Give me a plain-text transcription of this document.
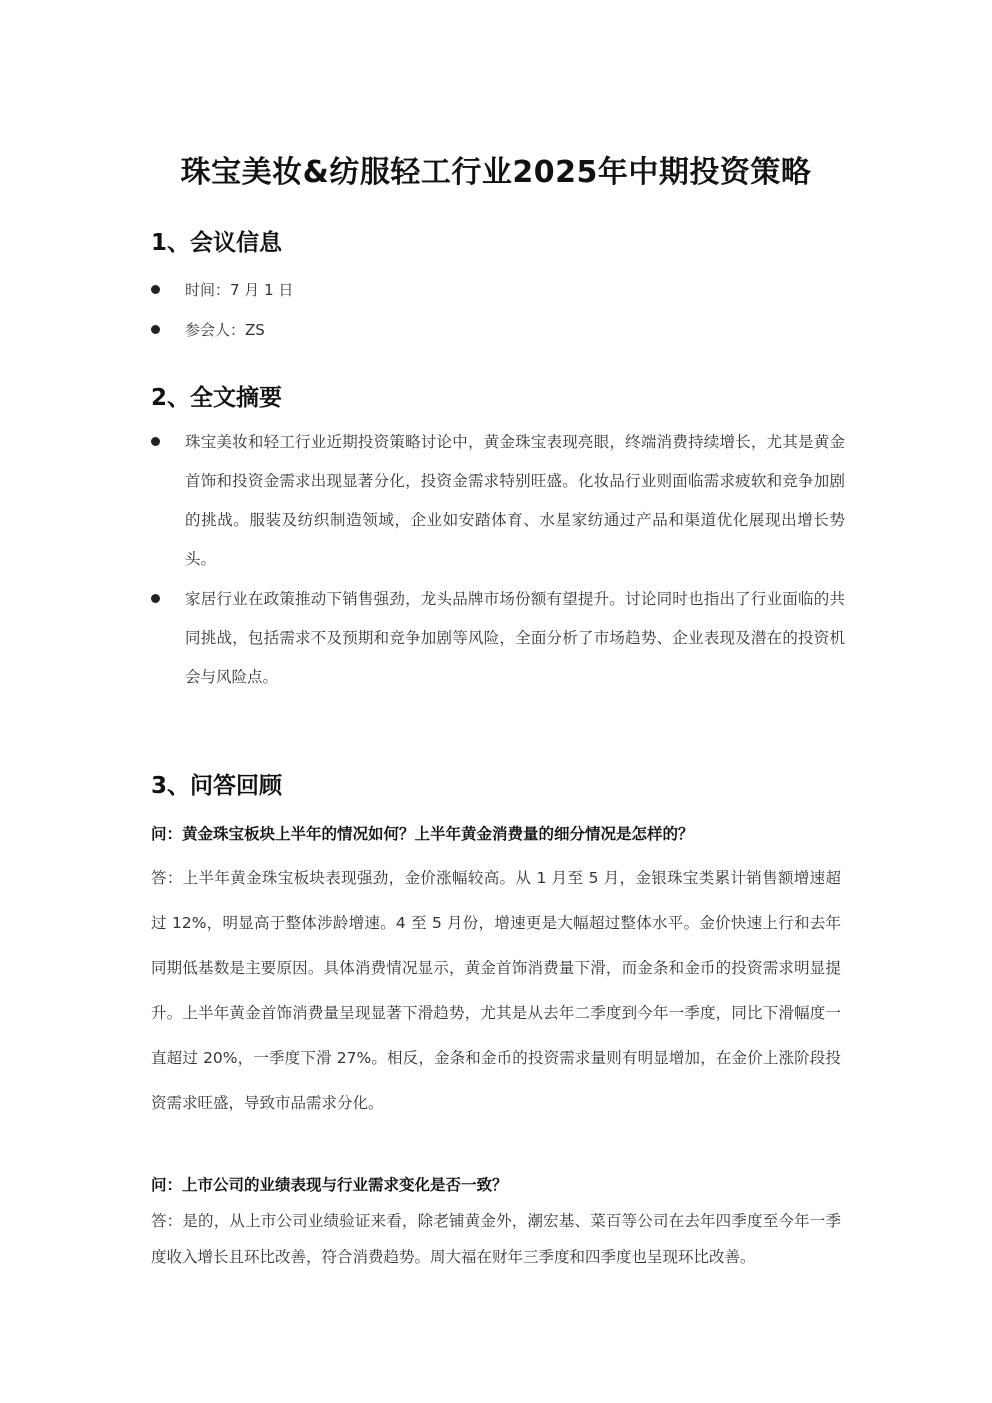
珠宝美妆&纺服轻工行业2025年中期投资策略
1、会议信息
时间：7 月 1 日
参会人：ZS
2、全文摘要
珠宝美妆和轻工行业近期投资策略讨论中，黄金珠宝表现亮眼，终端消费持续增长，尤其是黄金首饰和投资金需求出现显著分化，投资金需求特别旺盛。化妆品行业则面临需求疲软和竞争加剧的挑战。服装及纺织制造领域，企业如安踏体育、水星家纺通过产品和渠道优化展现出增长势头。
家居行业在政策推动下销售强劲，龙头品牌市场份额有望提升。讨论同时也指出了行业面临的共同挑战，包括需求不及预期和竞争加剧等风险，全面分析了市场趋势、企业表现及潜在的投资机会与风险点。
3、问答回顾
问：黄金珠宝板块上半年的情况如何？上半年黄金消费量的细分情况是怎样的？
答：上半年黄金珠宝板块表现强劲，金价涨幅较高。从 1 月至 5 月，金银珠宝类累计销售额增速超过 12%，明显高于整体涉龄增速。4 至 5 月份，增速更是大幅超过整体水平。金价快速上行和去年同期低基数是主要原因。具体消费情况显示，黄金首饰消费量下滑，而金条和金币的投资需求明显提升。上半年黄金首饰消费量呈现显著下滑趋势，尤其是从去年二季度到今年一季度，同比下滑幅度一直超过 20%，一季度下滑 27%。相反，金条和金币的投资需求量则有明显增加，在金价上涨阶段投资需求旺盛，导致市品需求分化。
问：上市公司的业绩表现与行业需求变化是否一致？
答：是的，从上市公司业绩验证来看，除老铺黄金外，潮宏基、菜百等公司在去年四季度至今年一季度收入增长且环比改善，符合消费趋势。周大福在财年三季度和四季度也呈现环比改善。
